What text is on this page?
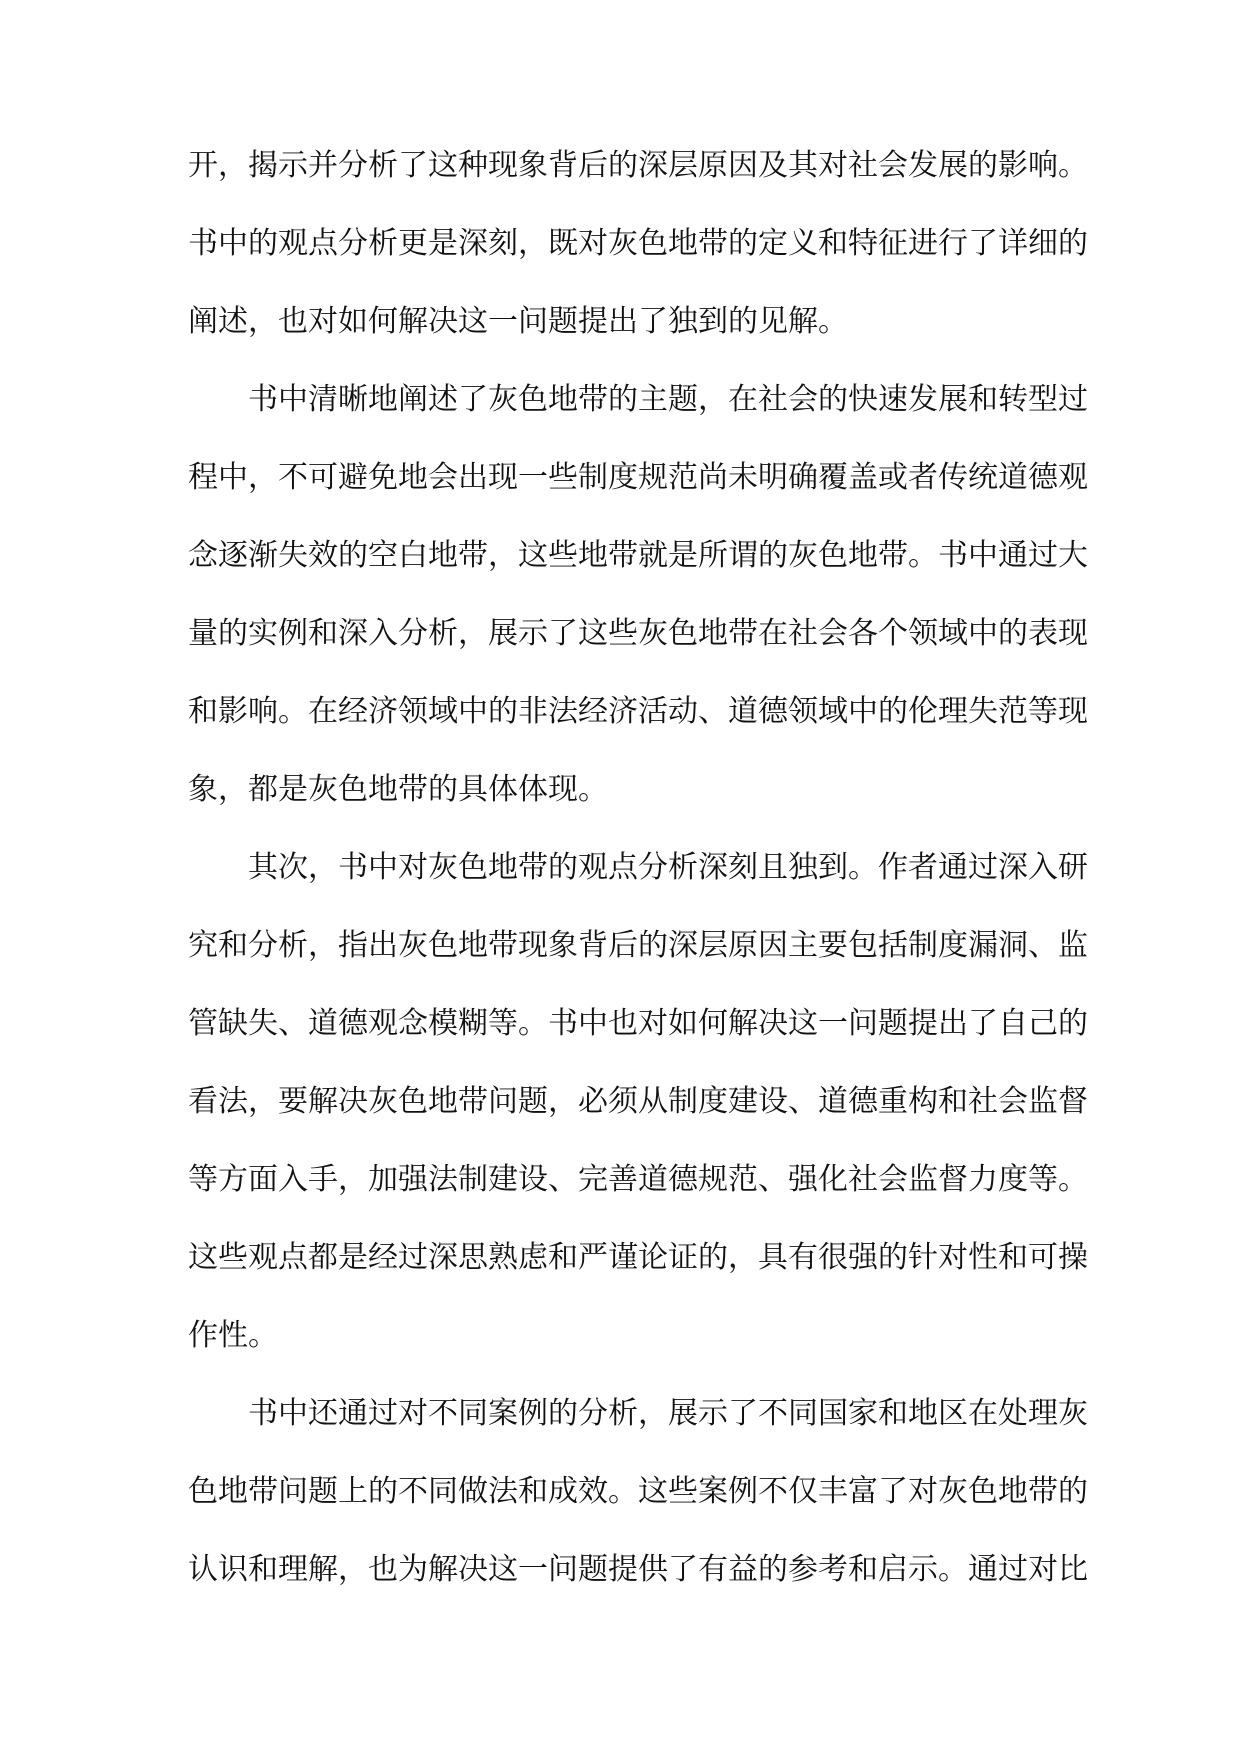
开，揭示并分析了这种现象背后的深层原因及其对社会发展的影响。
书中的观点分析更是深刻，既对灰色地带的定义和特征进行了详细的
阐述，也对如何解决这一问题提出了独到的见解。
书中清晰地阐述了灰色地带的主题，在社会的快速发展和转型过
程中，不可避免地会出现一些制度规范尚未明确覆盖或者传统道德观
念逐渐失效的空白地带，这些地带就是所谓的灰色地带。书中通过大
量的实例和深入分析，展示了这些灰色地带在社会各个领域中的表现
和影响。在经济领域中的非法经济活动、道德领域中的伦理失范等现
象，都是灰色地带的具体体现。
其次，书中对灰色地带的观点分析深刻且独到。作者通过深入研
究和分析，指出灰色地带现象背后的深层原因主要包括制度漏洞、监
管缺失、道德观念模糊等。书中也对如何解决这一问题提出了自己的
看法，要解决灰色地带问题，必须从制度建设、道德重构和社会监督
等方面入手，加强法制建设、完善道德规范、强化社会监督力度等。
这些观点都是经过深思熟虑和严谨论证的，具有很强的针对性和可操
作性。
书中还通过对不同案例的分析，展示了不同国家和地区在处理灰
色地带问题上的不同做法和成效。这些案例不仅丰富了对灰色地带的
认识和理解，也为解决这一问题提供了有益的参考和启示。通过对比
